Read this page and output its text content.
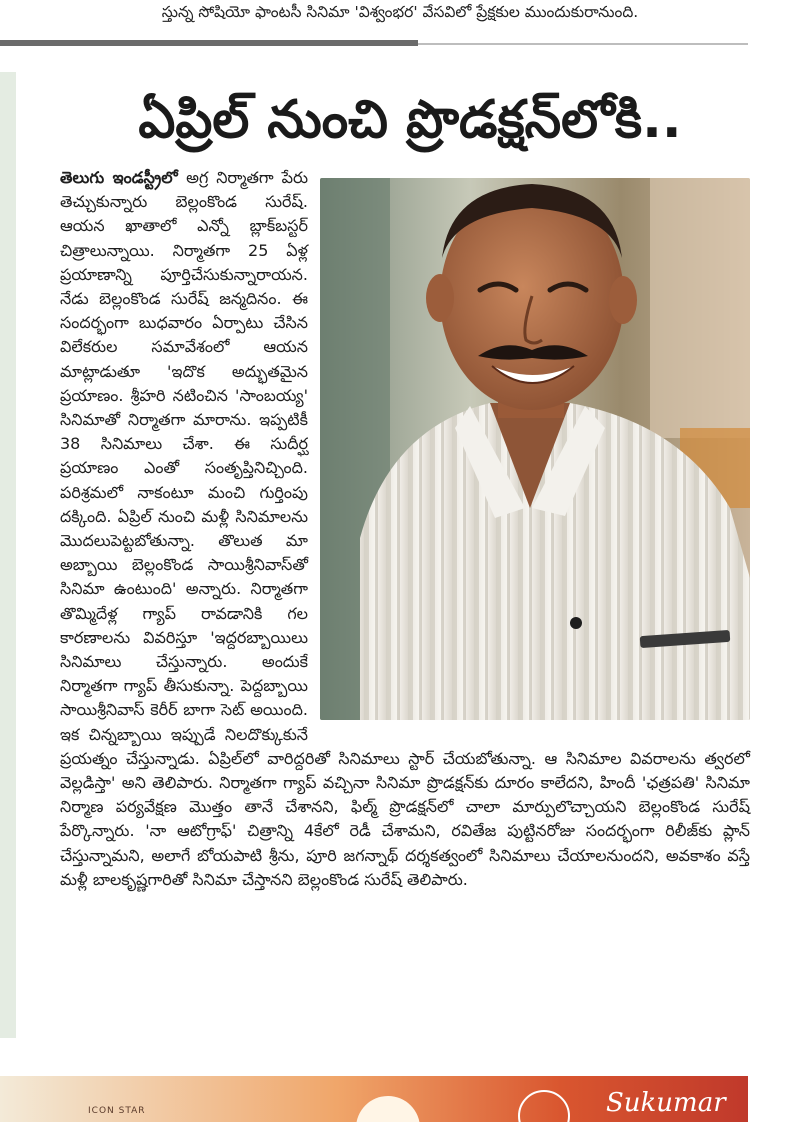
స్తున్న సోషియో ఫాంటసీ సినిమా 'విశ్వంభర' వేసవిలో ప్రేక్షకుల ముందుకురానుంది.
ఏప్రిల్ నుంచి ప్రొడక్షన్‌లోకి..
తెలుగు ఇండస్ట్రీలో అగ్ర నిర్మాతగా పేరు తెచ్చుకున్నారు బెల్లంకొండ సురేష్. ఆయన ఖాతాలో ఎన్నో బ్లాక్‌బస్టర్ చిత్రాలున్నాయి. నిర్మాతగా 25 ఏళ్ల ప్రయాణాన్ని పూర్తిచేసుకున్నారాయన. నేడు బెల్లంకొండ సురేష్ జన్మదినం. ఈ సందర్భంగా బుధవారం ఏర్పాటు చేసిన విలేకరుల సమావేశంలో ఆయన మాట్లాడుతూ 'ఇదొక అద్భుతమైన ప్రయాణం. శ్రీహరి నటించిన 'సాంబయ్య' సినిమాతో నిర్మాతగా మారాను. ఇప్పటికీ 38 సినిమాలు చేశా. ఈ సుదీర్ఘ ప్రయాణం ఎంతో సంతృప్తినిచ్చింది. పరిశ్రమలో నాకంటూ మంచి గుర్తింపు దక్కింది. ఏప్రిల్ నుంచి మళ్లీ సినిమాలను మొదలుపెట్టబోతున్నా. తొలుత మా అబ్బాయి బెల్లంకొండ సాయిశ్రీనివాస్‌తో సినిమా ఉంటుంది' అన్నారు. నిర్మాతగా తొమ్మిదేళ్ల గ్యాప్ రావడానికి గల కారణాలను వివరిస్తూ 'ఇద్దరబ్బాయిలు సినిమాలు చేస్తున్నారు. అందుకే నిర్మాతగా గ్యాప్ తీసుకున్నా. పెద్దబ్బాయి సాయిశ్రీనివాస్ కెరీర్ బాగా సెట్ అయింది. ఇక చిన్నబ్బాయి ఇప్పుడే నిలదొక్కుకునే ప్రయత్నం చేస్తున్నాడు. ఏప్రిల్‌లో వారిద్దరితో సినిమాలు స్టార్ చేయబోతున్నా. ఆ సినిమాల వివరాలను త్వరలో వెల్లడిస్తా' అని తెలిపారు. నిర్మాతగా గ్యాప్ వచ్చినా సినిమా ప్రొడక్షన్‌కు దూరం కాలేదని, హిందీ 'ఛత్రపతి' సినిమా నిర్మాణ పర్యవేక్షణ మొత్తం తానే చేశానని, ఫిల్మ్ ప్రొడక్షన్‌లో చాలా మార్పులొచ్చాయని బెల్లంకొండ సురేష్ పేర్కొన్నారు. 'నా ఆటోగ్రాఫ్' చిత్రాన్ని 4కేలో రెడీ చేశామని, రవితేజ పుట్టినరోజు సందర్భంగా రిలీజ్‌కు ప్లాన్ చేస్తున్నామని, అలాగే బోయపాటి శ్రీను, పూరి జగన్నాథ్ దర్శకత్వంలో సినిమాలు చేయాలనుందని, అవకాశం వస్తే మళ్లీ బాలకృష్ణగారితో సినిమా చేస్తానని బెల్లంకొండ సురేష్ తెలిపారు.
ICON STAR	Sukumar
